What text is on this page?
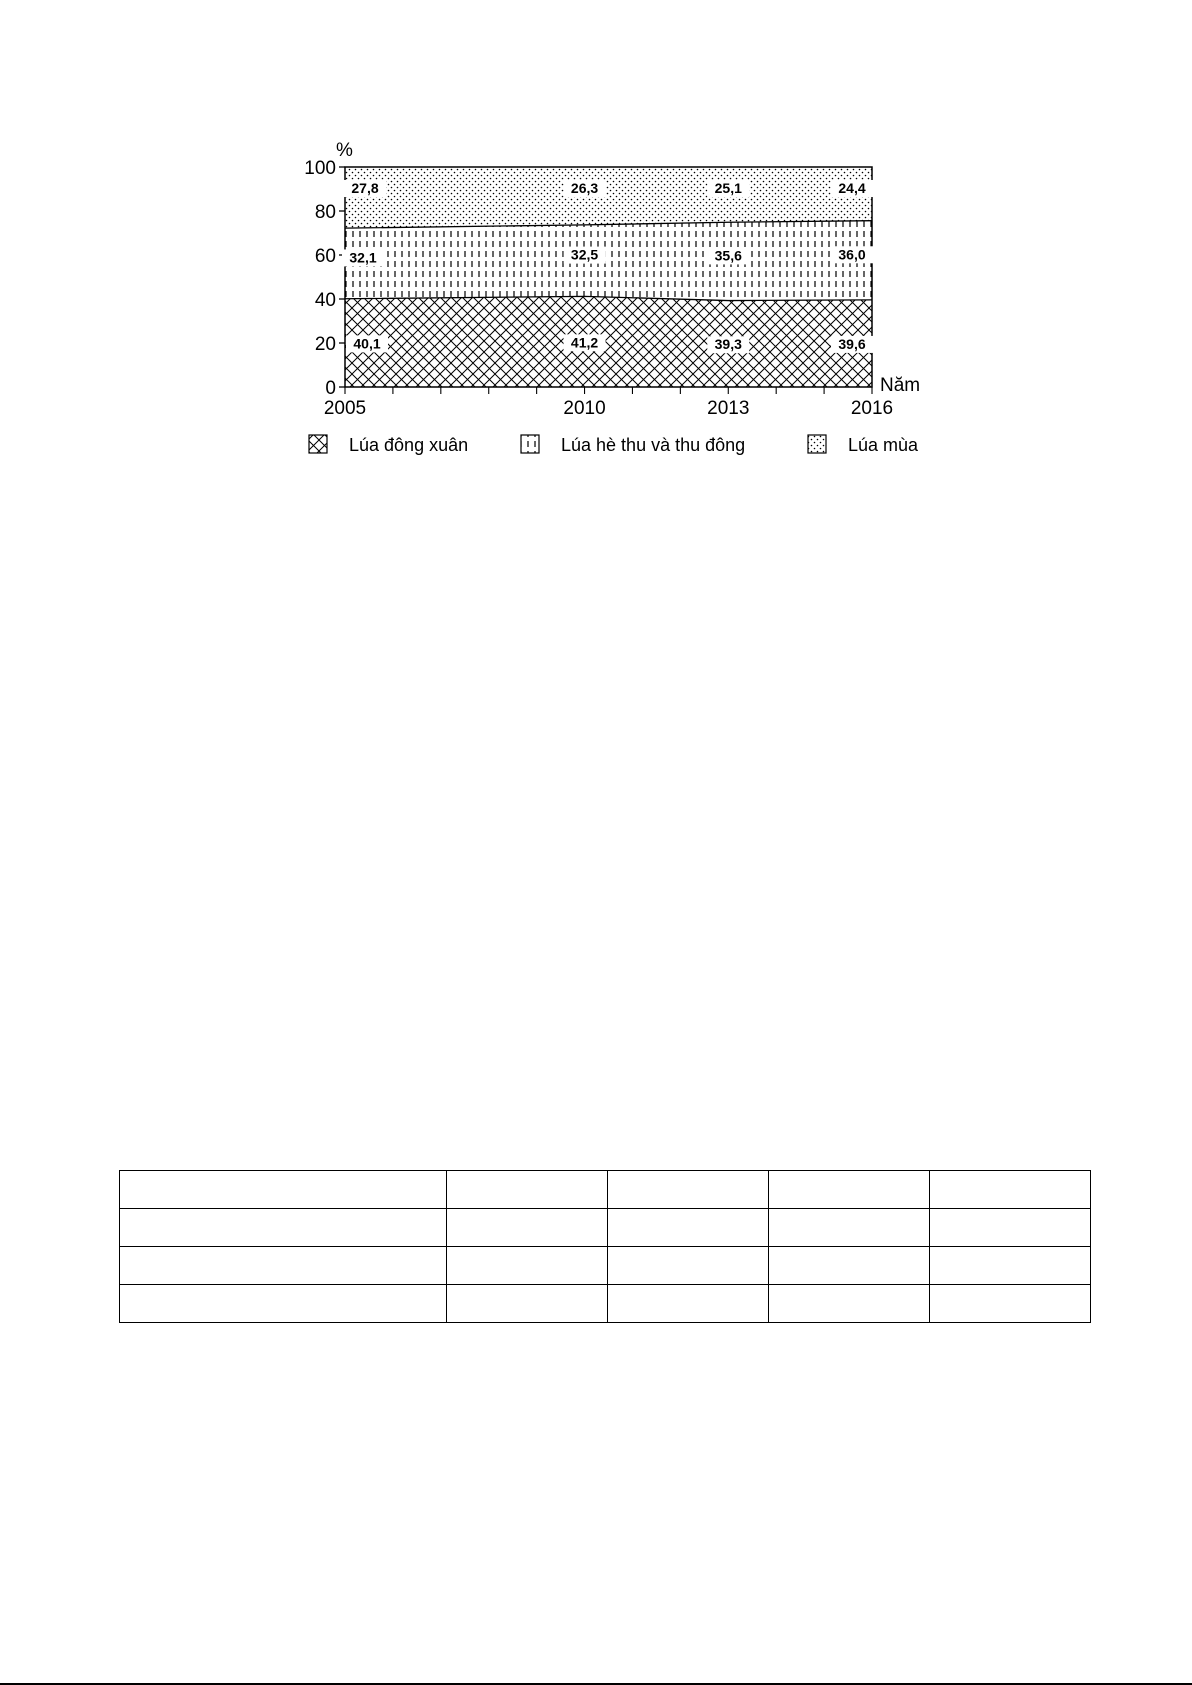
0
20
40
60
80
100
2005	2010	2013	2016
40,1	41,2	39,3	39,6
32,1	32,5	35,6	36,0
27,8	26,3	25,1	24,4
%
Năm
Lúa đông xuân	Lúa hè thu và thu đông	Lúa mùa
